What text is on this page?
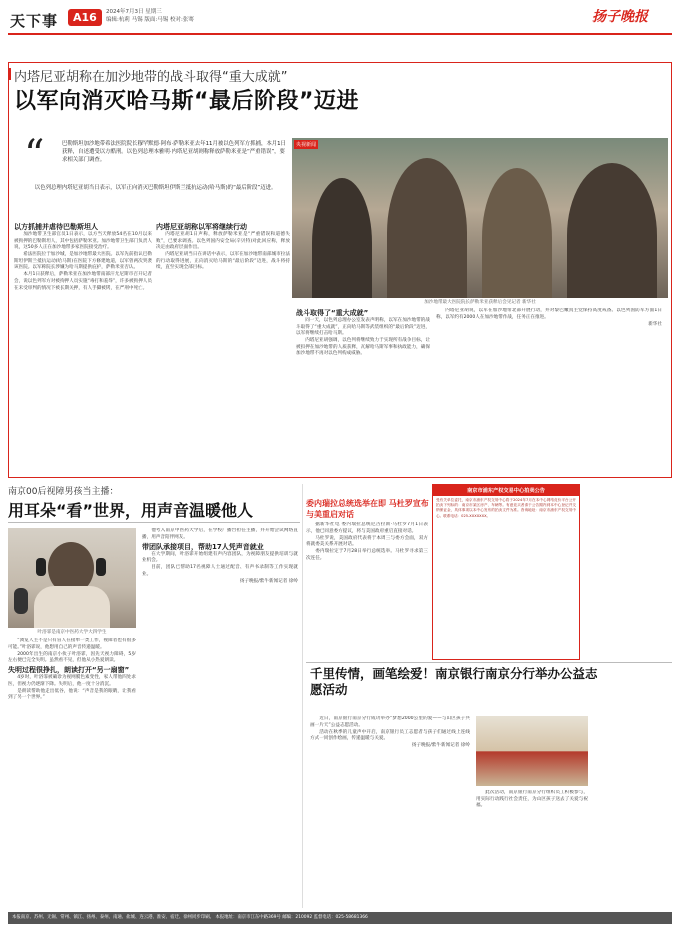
天下事	A16	2024年7月3日 星期三
编辑:杭莉 马锡 版面:马锡 校对:张骞	扬子晚报
内塔尼亚胡称在加沙地带的战斗取得“重大成就”
以军向消灭哈马斯“最后阶段”迈进
“	巴勒斯坦加沙地带希法医院院长穆罕默德·阿布·萨勒米亚去年11月被以色列军方抓捕，本月1日获释，自述遭受以方酷刑。以色列总理本雅明·内塔尼亚胡则称释放萨勒米亚是“严重错误”，要求相关部门调查。
以色列总理内塔尼亚胡当日表示，以军正向消灭巴勒斯坦伊斯兰抵抗运动(哈马斯)的“最后阶段”迈进。
央视新闻
加沙地带最大医院院长萨勒米亚获释后会见记者 新华社
以方抓捕并虐待巴勒斯坦人

加沙地带卫生部官员1日表示，以方当天释放54名在10月以来被拘押的巴勒斯坦人，其中包括萨勒米亚。加沙地带卫生部门负责人说，这50多人正在加沙地带多家医院接受治疗。

希法医院位于加沙城，是加沙地带最大医院。以军先前指认巴勒斯坦伊斯兰抵抗运动(哈马斯)在医院下方修建地道，以军曾两次突袭该医院。以军称院长涉嫌为哈马斯提供庇护，萨勒米亚否认。

本月1日获释后，萨勒米亚在加沙地带南部汗尤尼斯市召开记者会，说以色列军方对被拘押人员实施“毒打和羞辱”，许多被拘押人员在未受审判的情况下被长期关押，有人手脚被铐，在严刑中死亡。

内塔尼亚胡称以军将继续行动

内塔尼亚胡1日声称，释放萨勒米亚是“严重错误和道德失败”，已要求调查。以色列国内安全局(辛贝特)对此回应称，释放决定由政府层面作出。

内塔尼亚胡当日在讲话中表示，以军在加沙地带南部城市拉法的行动取得进展，正向消灭哈马斯的“最后阶段”迈进，战斗将持续，直至实现全部目标。

战斗取得了“重大成就”

同一天，以色列总理办公室发表声明称，以军在加沙地带的战斗取得了“重大成就”，正向哈马斯等武装组织的“最后阶段”迈进，以军将继续打击哈马斯。

内塔尼亚胡强调，以色列将继续致力于实现所有战争目标，让被扣押在加沙地带的人质获释，瓦解哈马斯军事和执政能力，确保加沙地带不再对以色列构成威胁。

内塔尼亚胡说，以军在加沙地带北部开展行动，并对黎巴嫩真主党保持高度戒备。以色列国防军方面1日称，以军约有2000人在加沙地带作战，任务正在推进。

新华社
南京00后视障男孩当主播：
用耳朵“看”世界，用声音温暖他人
叶浴霏是南京中医药大学大四学生

“浏览人主不是只有盲人在接单一类工作，视障者也有很多可能。”叶浴霏说，他想用自己的声音传递温暖。

2000年出生的南京小伙子叶浴霏，因先天视力障碍，5岁左右便已完全失明。虽然看不见，但他从小热爱朗读。

失明过程很挣扎，朗读打开“另一扇窗”

4岁时，叶浴霏被确诊为视网膜色素变性，家人带他四处求医，但视力仍逐渐下降。失明后，他一度十分消沉。

是朗读帮助他走出低谷，他说：“声音是我的眼睛，让我看到了另一个世界。”

他考入南京中医药大学后，在学校广播台担任主播，并开始尝试网络直播，用声音陪伴网友。

带团队承接项目，帮助17人凭声音就业

在大学期间，叶浴霏开始组建有声内容团队，为视障朋友提供培训与就业机会。

目前，团队已帮助17名视障人士通过配音、有声书录制等工作实现就业。

扬子晚报/紫牛新闻记者 徐岭
委内瑞拉总统选举在即 马杜罗宣布与美重启对话

据新华社电 委内瑞拉总统尼古拉斯·马杜罗7月1日表示，他已同意委方提议，将与美国政府重启直接对话。

马杜罗说，美国政府代表将于本周三与委方会面，双方将就委美关系开展对话。

委内瑞拉定于7月28日举行总统选举。马杜罗寻求第三次连任。

南京市浦东产权交易中心拍卖公告
受有关单位委托，南京市浦东产权交易中心将于2024年7月在本中心网络竞价平台公开拍卖下列标的：南京市某区房产、车辆等。有意竞买者请于公告期内到本中心登记并交纳保证金，具体事项以本中心发布的拍卖文件为准。咨询地址：南京市浦东产权交易中心。联系电话：025-XXXXXXX。
千里传情，画笔绘爱！南京银行南京分行举办公益志愿活动

近日，南京银行南京分行成功举办“梦想2000公里的爱——与山区孩子共画一片天”公益志愿活动。

活动在秋季的儿童声中开启，南京银行员工志愿者与孩子们通过线上连线方式一同创作绘画，传递温暖与关爱。

扬子晚报/紫牛新闻记者 徐岭

此次活动，南京银行南京分行组织员工积极参与，用实际行动践行社会责任，为山区孩子送去了关爱与祝福。

本报南京、苏州、无锡、常州、镇江、扬州、泰州、南通、盐城、连云港、淮安、宿迁、徐州同步印刷。 本报地址：南京市江东中路369号 邮编：210092 监督电话：025-58681366
